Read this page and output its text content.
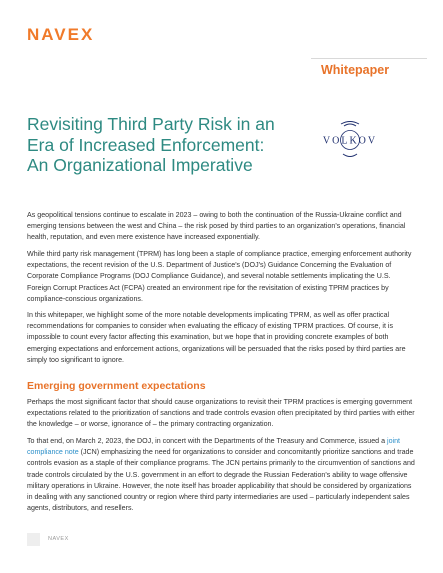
NAVEX
Whitepaper
Revisiting Third Party Risk in an
Era of Increased Enforcement:
An Organizational Imperative
VOLKOV

As geopolitical tensions continue to escalate in 2023 – owing to both the continuation of the Russia-Ukraine conflict and emerging tensions between the west and China – the risk posed by third parties to an organization's operations, financial health, reputation, and even mere existence have increased exponentially.

While third party risk management (TPRM) has long been a staple of compliance practice, emerging enforcement authority expectations, the recent revision of the U.S. Department of Justice's (DOJ's) Guidance Concerning the Evaluation of Corporate Compliance Programs (DOJ Compliance Guidance), and several notable settlements implicating the U.S. Foreign Corrupt Practices Act (FCPA) created an environment ripe for the revisitation of existing TPRM practices by compliance-conscious organizations.

In this whitepaper, we highlight some of the more notable developments implicating TPRM, as well as offer practical recommendations for companies to consider when evaluating the efficacy of existing TPRM practices. Of course, it is impossible to count every factor affecting this examination, but we hope that in providing concrete examples of both emerging expectations and enforcement actions, organizations will be persuaded that the risks posed by third parties are simply too significant to ignore.

Emerging government expectations

Perhaps the most significant factor that should cause organizations to revisit their TPRM practices is emerging government expectations related to the prioritization of sanctions and trade controls evasion often precipitated by third parties with either the knowledge – or worse, ignorance of – the primary contracting organization.

To that end, on March 2, 2023, the DOJ, in concert with the Departments of the Treasury and Commerce, issued a joint compliance note (JCN) emphasizing the need for organizations to consider and concomitantly prioritize sanctions and trade controls evasion as a staple of their compliance programs. The JCN pertains primarily to the circumvention of sanctions and trade controls circulated by the U.S. government in an effort to degrade the Russian Federation's ability to wage offensive military operations in Ukraine. However, the note itself has broader applicability that should be considered by organizations in dealing with any sanctioned country or region where third party intermediaries are used – particularly independent sales agents, distributors, and resellers.

NAVEX
